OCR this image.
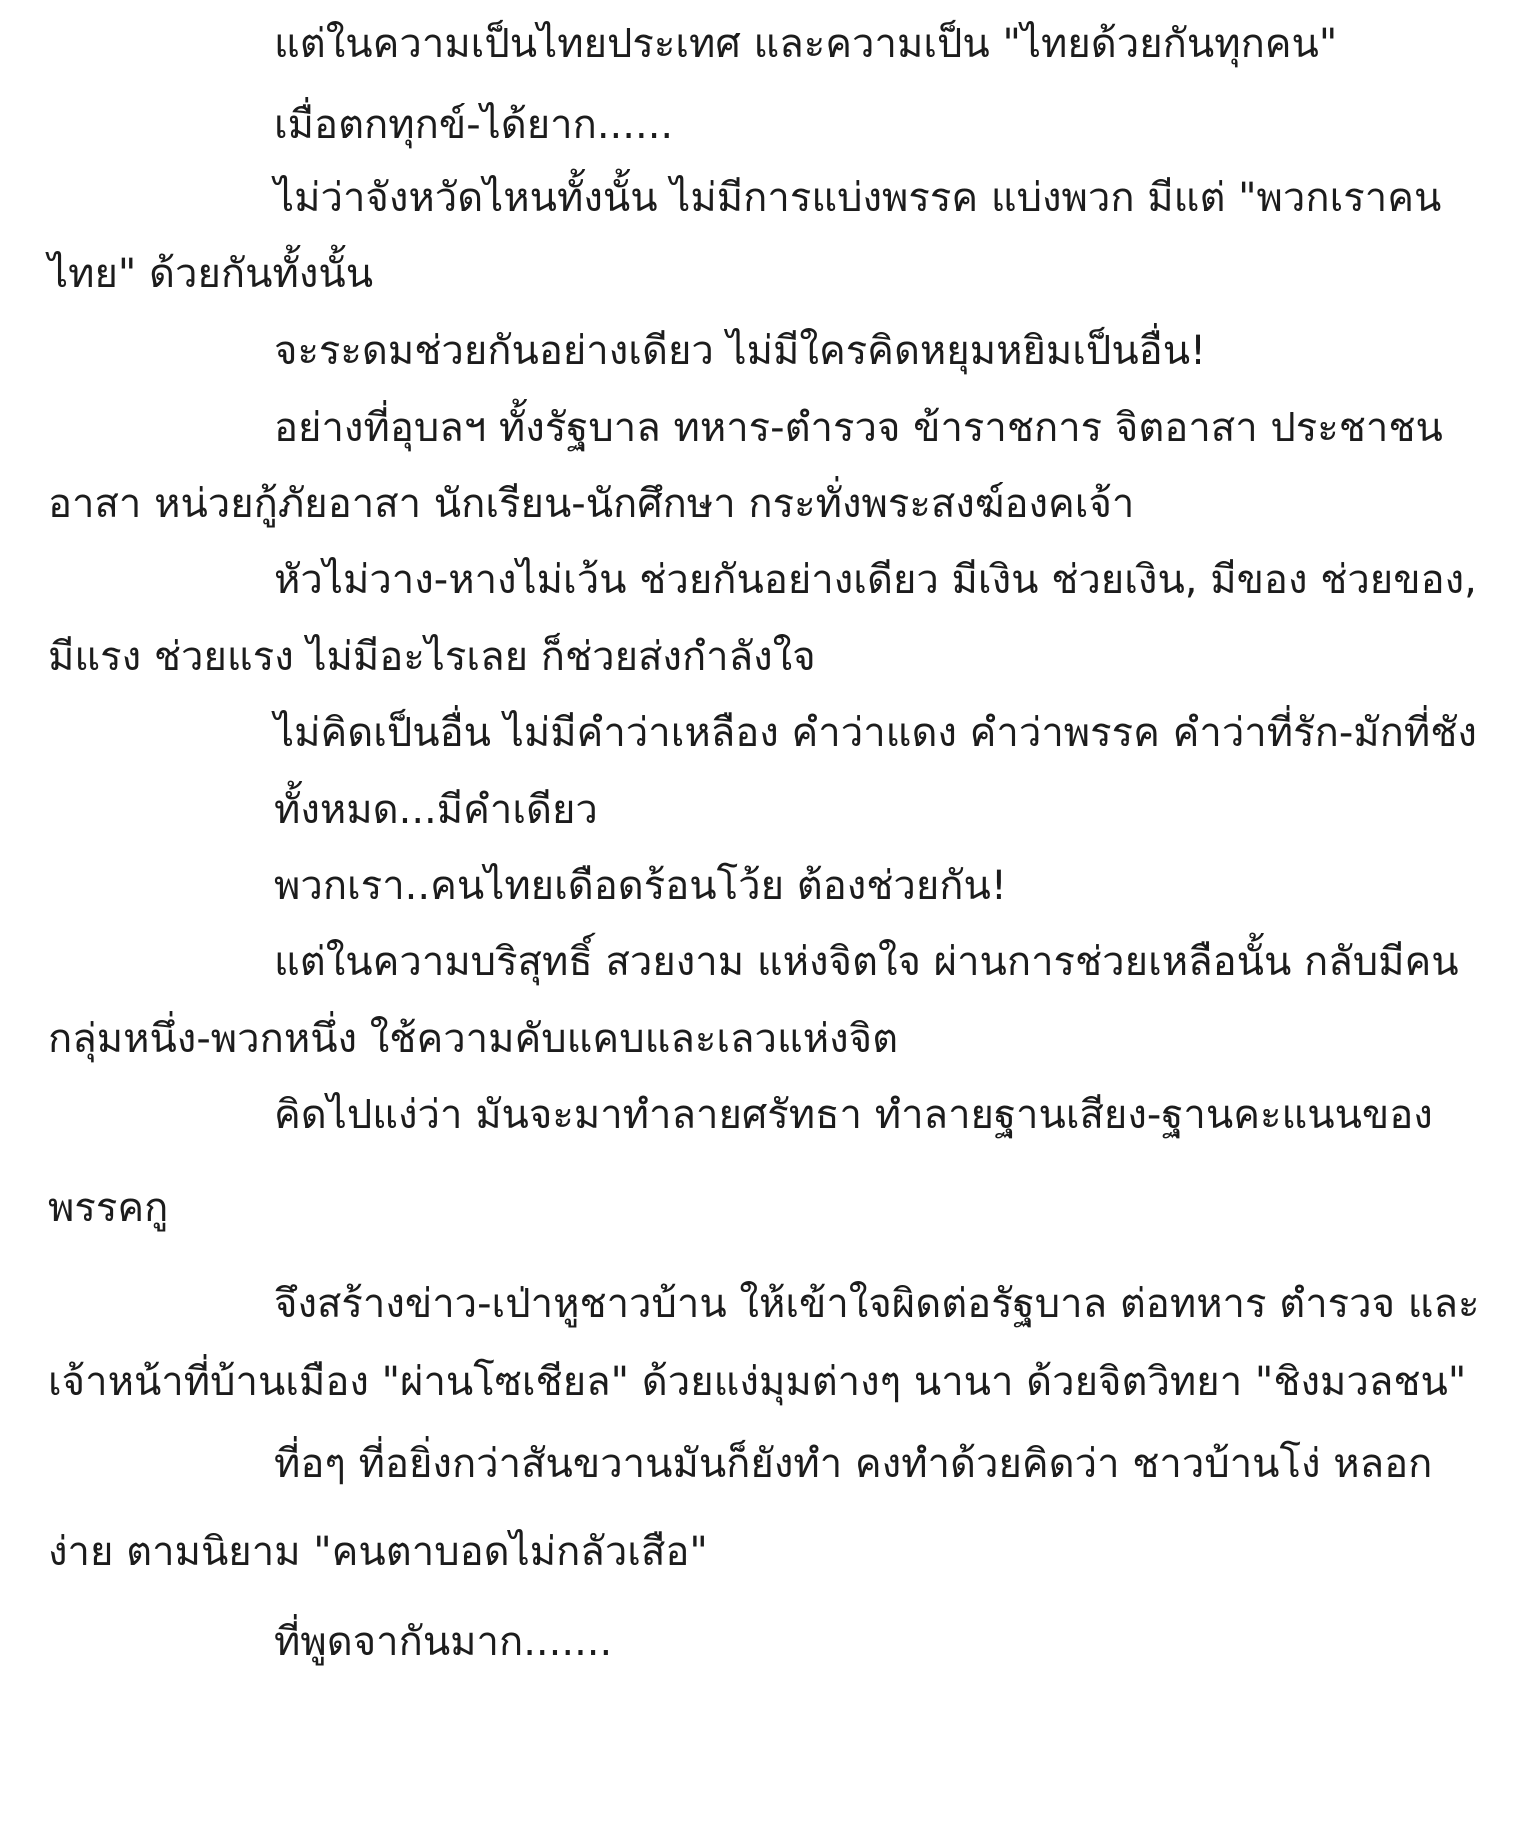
แต่ในความเป็นไทยประเทศ และความเป็น "ไทยด้วยกันทุกคน"
เมื่อตกทุกข์-ได้ยาก......
ไม่ว่าจังหวัดไหนทั้งนั้น ไม่มีการแบ่งพรรค แบ่งพวก มีแต่ "พวกเราคน
ไทย" ด้วยกันทั้งนั้น
จะระดมช่วยกันอย่างเดียว ไม่มีใครคิดหยุมหยิมเป็นอื่น!
อย่างที่อุบลฯ ทั้งรัฐบาล ทหาร-ตำรวจ ข้าราชการ จิตอาสา ประชาชน
อาสา หน่วยกู้ภัยอาสา นักเรียน-นักศึกษา กระทั่งพระสงฆ์องคเจ้า
หัวไม่วาง-หางไม่เว้น ช่วยกันอย่างเดียว มีเงิน ช่วยเงิน, มีของ ช่วยของ,
มีแรง ช่วยแรง ไม่มีอะไรเลย ก็ช่วยส่งกำลังใจ
ไม่คิดเป็นอื่น ไม่มีคำว่าเหลือง คำว่าแดง คำว่าพรรค คำว่าที่รัก-มักที่ชัง
ทั้งหมด...มีคำเดียว
พวกเรา..คนไทยเดือดร้อนโว้ย ต้องช่วยกัน!
แต่ในความบริสุทธิ์ สวยงาม แห่งจิตใจ ผ่านการช่วยเหลือนั้น กลับมีคน
กลุ่มหนึ่ง-พวกหนึ่ง ใช้ความคับแคบและเลวแห่งจิต
คิดไปแง่ว่า มันจะมาทำลายศรัทธา ทำลายฐานเสียง-ฐานคะแนนของ
พรรคกู
จึงสร้างข่าว-เป่าหูชาวบ้าน ให้เข้าใจผิดต่อรัฐบาล ต่อทหาร ตำรวจ และ
เจ้าหน้าที่บ้านเมือง "ผ่านโซเชียล" ด้วยแง่มุมต่างๆ นานา ด้วยจิตวิทยา "ชิงมวลชน"
ที่อๆ ที่อยิ่งกว่าสันขวานมันก็ยังทำ คงทำด้วยคิดว่า ชาวบ้านโง่ หลอก
ง่าย ตามนิยาม "คนตาบอดไม่กลัวเสือ"
ที่พูดจากันมาก.......
